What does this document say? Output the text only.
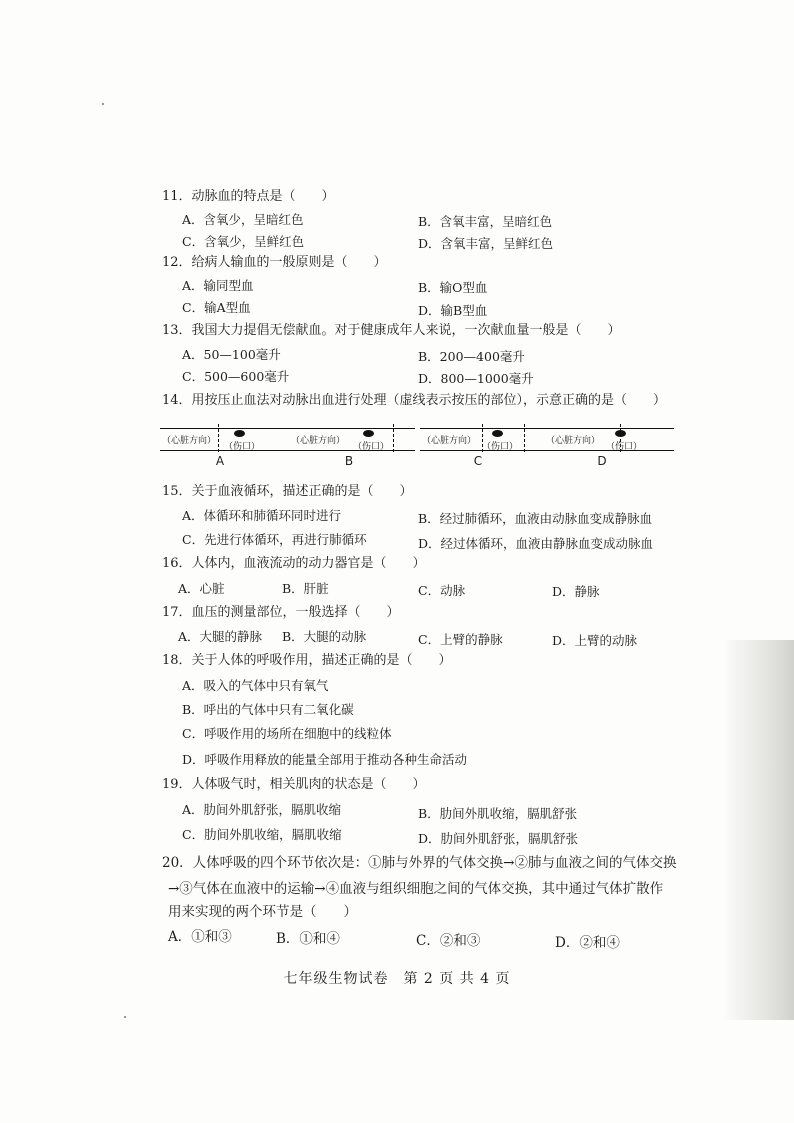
11．动脉血的特点是（　　）
A．含氧少，呈暗红色	B．含氧丰富，呈暗红色
C．含氧少，呈鲜红色	D．含氧丰富，呈鲜红色
12．给病人输血的一般原则是（　　）
A．输同型血	B．输O型血
C．输A型血	D．输B型血
13．我国大力提倡无偿献血。对于健康成年人来说，一次献血量一般是（　　）
A．50—100毫升	B．200—400毫升
C．500—600毫升	D．800—1000毫升
14．用按压止血法对动脉出血进行处理（虚线表示按压的部位），示意正确的是（　　）
（心脏方向）
（伤口）
A
（心脏方向）
（伤口）
B
（心脏方向）
（伤口）
C
（心脏方向）
（伤口）
D
15．关于血液循环，描述正确的是（　　）
A．体循环和肺循环同时进行	B．经过肺循环，血液由动脉血变成静脉血
C．先进行体循环，再进行肺循环	D．经过体循环，血液由静脉血变成动脉血
16．人体内，血液流动的动力器官是（　　）
A．心脏	B．肝脏	C．动脉	D．静脉
17．血压的测量部位，一般选择（　　）
A．大腿的静脉 B．大腿的动脉	C．上臂的静脉	D．上臂的动脉
18．关于人体的呼吸作用，描述正确的是（　　）
A．吸入的气体中只有氧气
B．呼出的气体中只有二氧化碳
C．呼吸作用的场所在细胞中的线粒体
D．呼吸作用释放的能量全部用于推动各种生命活动
19．人体吸气时，相关肌肉的状态是（　　）
A．肋间外肌舒张，膈肌收缩	B．肋间外肌收缩，膈肌舒张
C．肋间外肌收缩，膈肌收缩	D．肋间外肌舒张，膈肌舒张
20．人体呼吸的四个环节依次是：①肺与外界的气体交换→②肺与血液之间的气体交换
→③气体在血液中的运输→④血液与组织细胞之间的气体交换，其中通过气体扩散作
用来实现的两个环节是（　　）
A．①和③	B．①和④	C．②和③	D．②和④
七年级生物试卷　第 2 页 共 4 页
